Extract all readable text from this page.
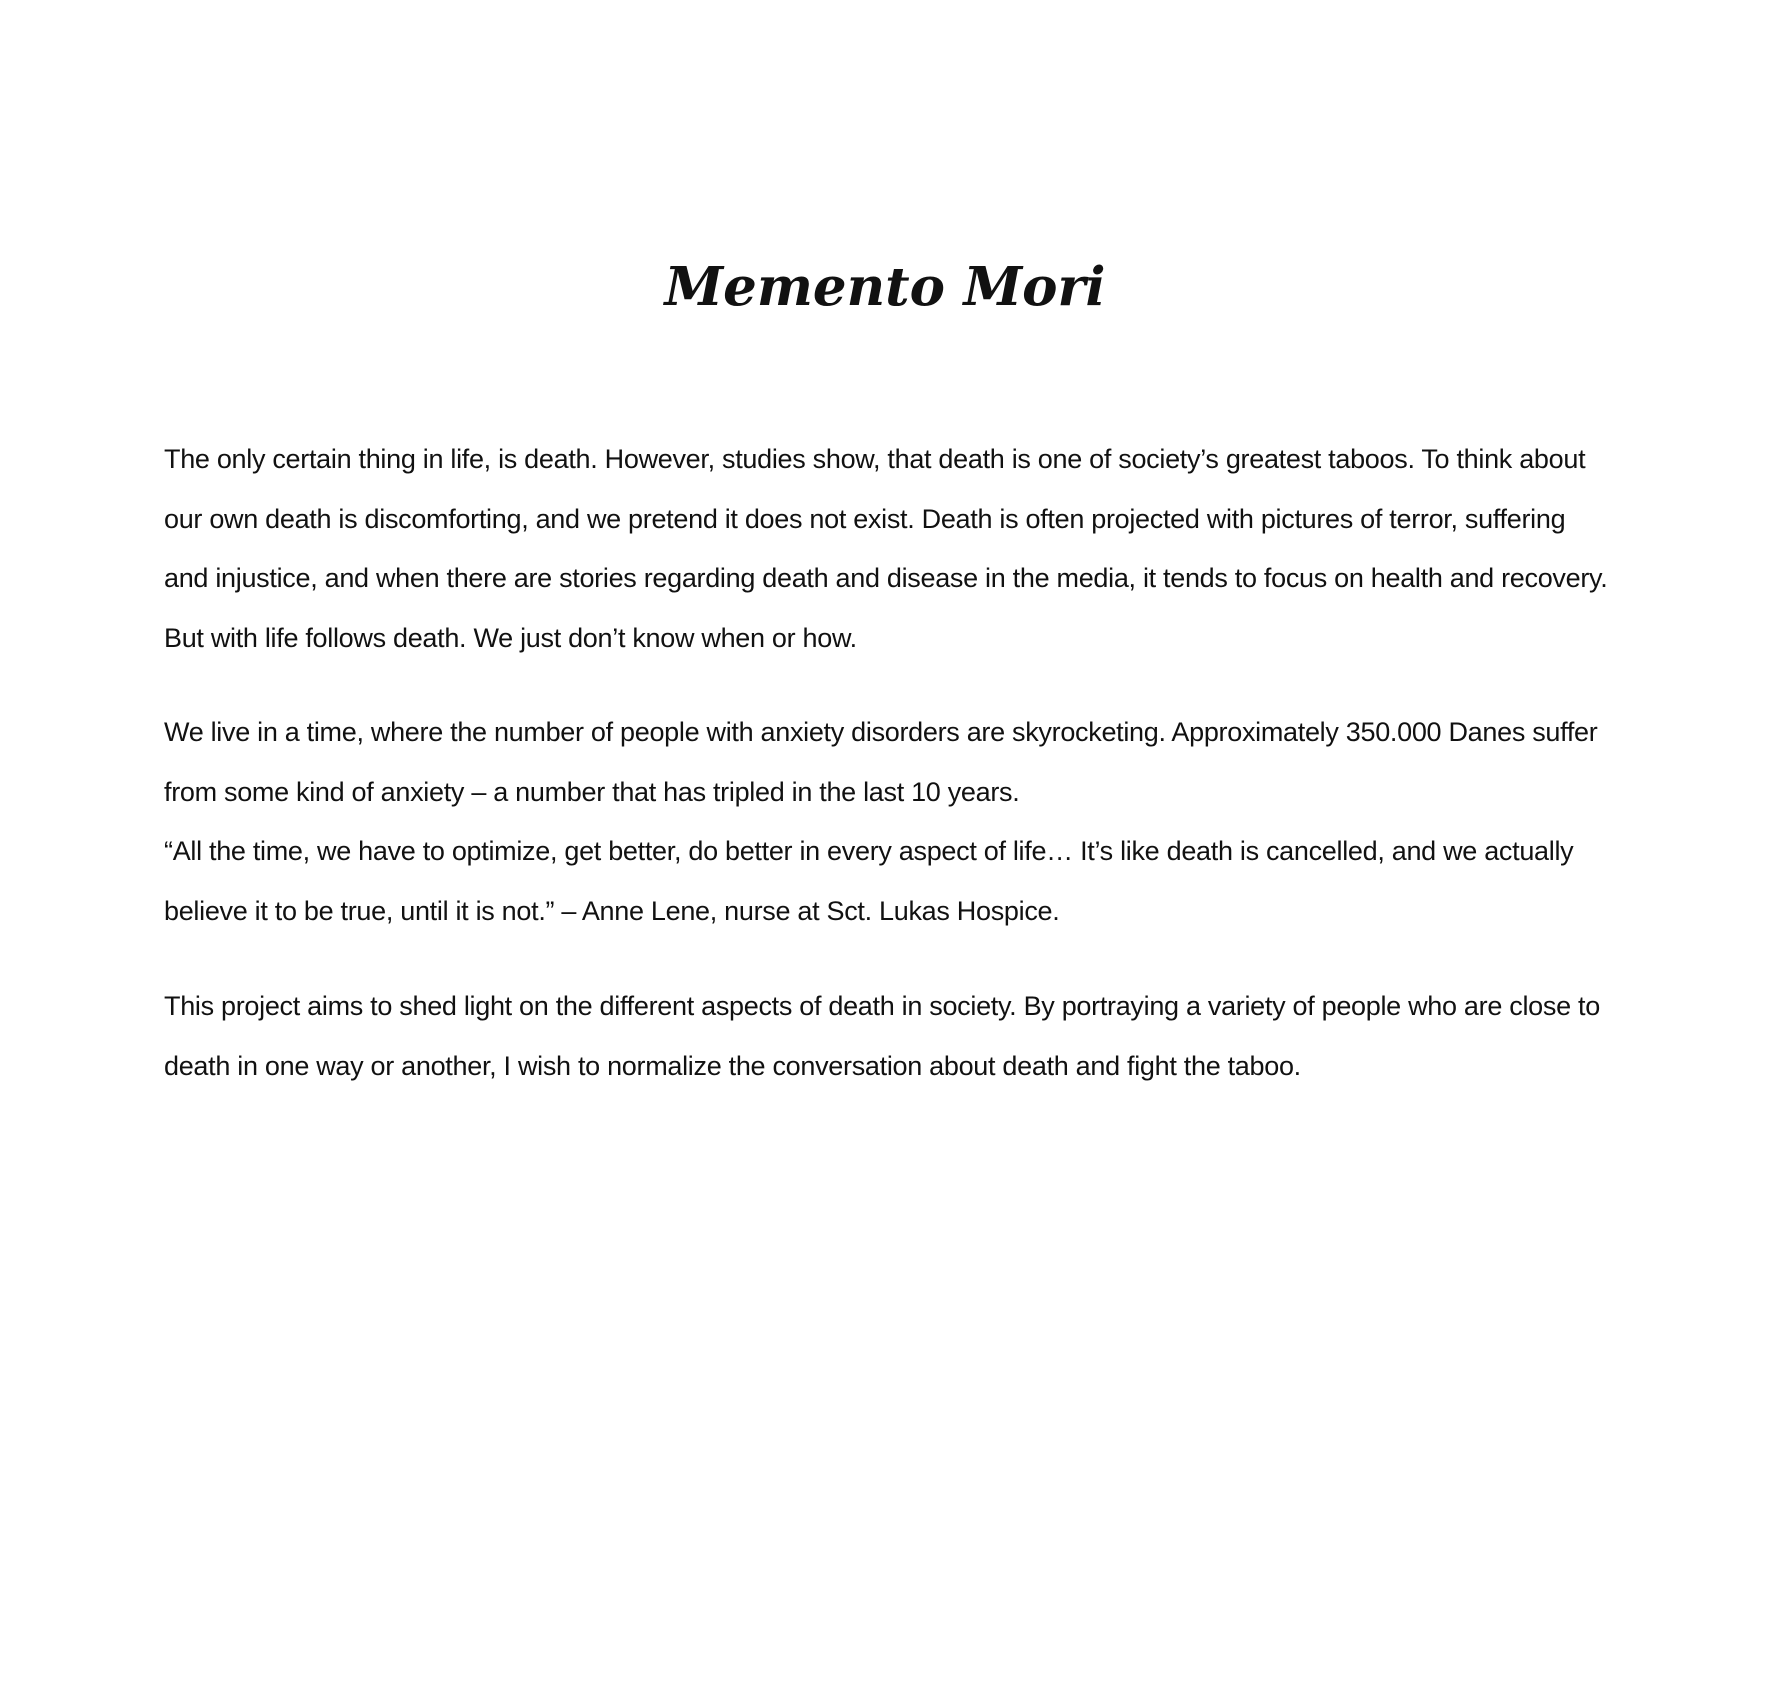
Memento Mori

The only certain thing in life, is death. However, studies show, that death is one of society’s greatest taboos. To think about our own death is discomforting, and we pretend it does not exist. Death is often projected with pictures of terror, suffering and injustice, and when there are stories regarding death and disease in the media, it tends to focus on health and recovery. But with life follows death. We just don’t know when or how.

We live in a time, where the number of people with anxiety disorders are skyrocketing. Approximately 350.000 Danes suffer from some kind of anxiety – a number that has tripled in the last 10 years.

“All the time, we have to optimize, get better, do better in every aspect of life… It’s like death is cancelled, and we actually believe it to be true, until it is not.” – Anne Lene, nurse at Sct. Lukas Hospice.

This project aims to shed light on the different aspects of death in society. By portraying a variety of people who are close to death in one way or another, I wish to normalize the conversation about death and fight the taboo.
